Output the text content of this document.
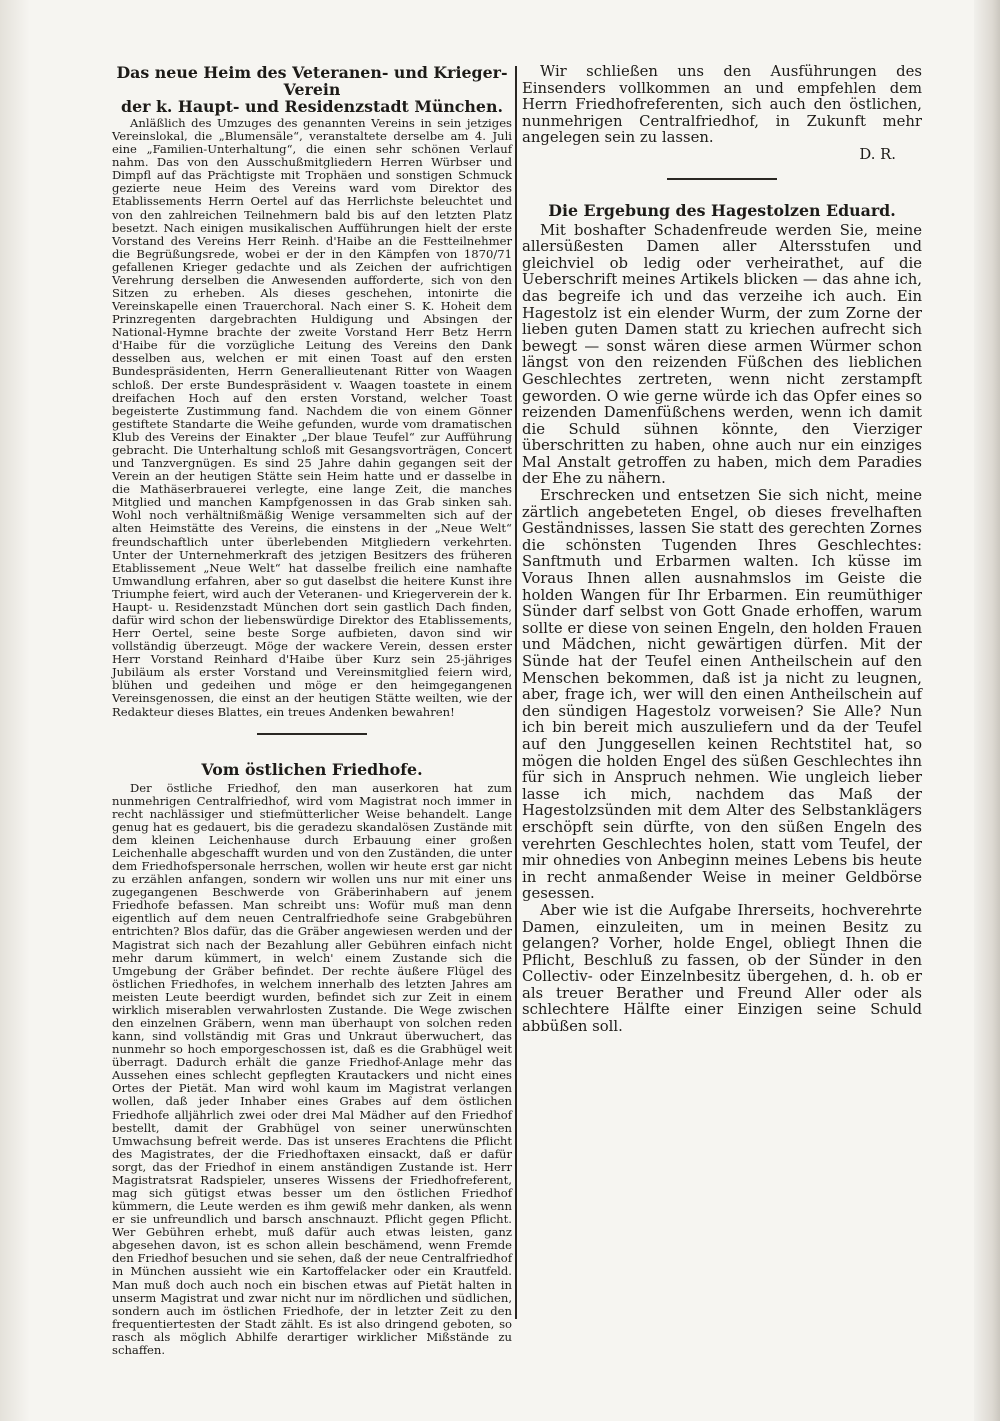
Das neue Heim des Veteranen- und Krieger-Verein
der k. Haupt- und Residenzstadt München.

Anläßlich des Umzuges des genannten Vereins in sein jetziges Vereinslokal, die „Blumensäle“, veranstaltete derselbe am 4. Juli eine „Familien-Unterhaltung“, die einen sehr schönen Verlauf nahm. Das von den Ausschußmitgliedern Herren Würbser und Dimpfl auf das Prächtigste mit Trophäen und sonstigen Schmuck gezierte neue Heim des Vereins ward vom Direktor des Etablissements Herrn Oertel auf das Herrlichste beleuchtet und von den zahlreichen Teilnehmern bald bis auf den letzten Platz besetzt. Nach einigen musikalischen Aufführungen hielt der erste Vorstand des Vereins Herr Reinh. d'Haibe an die Festteilnehmer die Begrüßungsrede, wobei er der in den Kämpfen von 1870/71 gefallenen Krieger gedachte und als Zeichen der aufrichtigen Verehrung derselben die Anwesenden aufforderte, sich von den Sitzen zu erheben. Als dieses geschehen, intonirte die Vereinskapelle einen Trauerchoral. Nach einer S. K. Hoheit dem Prinzregenten dargebrachten Huldigung und Absingen der National-Hymne brachte der zweite Vorstand Herr Betz Herrn d'Haibe für die vorzügliche Leitung des Vereins den Dank desselben aus, welchen er mit einen Toast auf den ersten Bundespräsidenten, Herrn Generallieutenant Ritter von Waagen schloß. Der erste Bundespräsident v. Waagen toastete in einem dreifachen Hoch auf den ersten Vorstand, welcher Toast begeisterte Zustimmung fand. Nachdem die von einem Gönner gestiftete Standarte die Weihe gefunden, wurde vom dramatischen Klub des Vereins der Einakter „Der blaue Teufel“ zur Aufführung gebracht. Die Unterhaltung schloß mit Gesangsvorträgen, Concert und Tanzvergnügen. Es sind 25 Jahre dahin gegangen seit der Verein an der heutigen Stätte sein Heim hatte und er dasselbe in die Mathäserbrauerei verlegte, eine lange Zeit, die manches Mitglied und manchen Kampfgenossen in das Grab sinken sah. Wohl noch verhältnißmäßig Wenige versammelten sich auf der alten Heimstätte des Vereins, die einstens in der „Neue Welt“ freundschaftlich unter überlebenden Mitgliedern verkehrten. Unter der Unternehmerkraft des jetzigen Besitzers des früheren Etablissement „Neue Welt“ hat dasselbe freilich eine namhafte Umwandlung erfahren, aber so gut daselbst die heitere Kunst ihre Triumphe feiert, wird auch der Veteranen- und Kriegerverein der k. Haupt- u. Residenzstadt München dort sein gastlich Dach finden, dafür wird schon der liebenswürdige Direktor des Etablissements, Herr Oertel, seine beste Sorge aufbieten, davon sind wir vollständig überzeugt. Möge der wackere Verein, dessen erster Herr Vorstand Reinhard d'Haibe über Kurz sein 25-jähriges Jubiläum als erster Vorstand und Vereinsmitglied feiern wird, blühen und gedeihen und möge er den heimgegangenen Vereinsgenossen, die einst an der heutigen Stätte weilten, wie der Redakteur dieses Blattes, ein treues Andenken bewahren!

Vom östlichen Friedhofe.

Der östliche Friedhof, den man auserkoren hat zum nunmehrigen Centralfriedhof, wird vom Magistrat noch immer in recht nachlässiger und stiefmütterlicher Weise behandelt. Lange genug hat es gedauert, bis die geradezu skandalösen Zustände mit dem kleinen Leichenhause durch Erbauung einer großen Leichenhalle abgeschafft wurden und von den Zuständen, die unter dem Friedhofspersonale herrschen, wollen wir heute erst gar nicht zu erzählen anfangen, sondern wir wollen uns nur mit einer uns zugegangenen Beschwerde von Gräberinhabern auf jenem Friedhofe befassen. Man schreibt uns: Wofür muß man denn eigentlich auf dem neuen Centralfriedhofe seine Grabgebühren entrichten? Blos dafür, das die Gräber angewiesen werden und der Magistrat sich nach der Bezahlung aller Gebühren einfach nicht mehr darum kümmert, in welch' einem Zustande sich die Umgebung der Gräber befindet. Der rechte äußere Flügel des östlichen Friedhofes, in welchem innerhalb des letzten Jahres am meisten Leute beerdigt wurden, befindet sich zur Zeit in einem wirklich miserablen verwahrlosten Zustande. Die Wege zwischen den einzelnen Gräbern, wenn man überhaupt von solchen reden kann, sind vollständig mit Gras und Unkraut überwuchert, das nunmehr so hoch emporgeschossen ist, daß es die Grabhügel weit überragt. Dadurch erhält die ganze Friedhof-Anlage mehr das Aussehen eines schlecht gepflegten Krautackers und nicht eines Ortes der Pietät. Man wird wohl kaum im Magistrat verlangen wollen, daß jeder Inhaber eines Grabes auf dem östlichen Friedhofe alljährlich zwei oder drei Mal Mädher auf den Friedhof bestellt, damit der Grabhügel von seiner unerwünschten Umwachsung befreit werde. Das ist unseres Erachtens die Pflicht des Magistrates, der die Friedhoftaxen einsackt, daß er dafür sorgt, das der Friedhof in einem anständigen Zustande ist. Herr Magistratsrat Radspieler, unseres Wissens der Friedhofreferent, mag sich gütigst etwas besser um den östlichen Friedhof kümmern, die Leute werden es ihm gewiß mehr danken, als wenn er sie unfreundlich und barsch anschnauzt. Pflicht gegen Pflicht. Wer Gebühren erhebt, muß dafür auch etwas leisten, ganz abgesehen davon, ist es schon allein beschämend, wenn Fremde den Friedhof besuchen und sie sehen, daß der neue Centralfriedhof in München aussieht wie ein Kartoffelacker oder ein Krautfeld. Man muß doch auch noch ein bischen etwas auf Pietät halten in unserm Magistrat und zwar nicht nur im nördlichen und südlichen, sondern auch im östlichen Friedhofe, der in letzter Zeit zu den frequentiertesten der Stadt zählt. Es ist also dringend geboten, so rasch als möglich Abhilfe derartiger wirklicher Mißstände zu schaffen.

Wir schließen uns den Ausführungen des Einsenders vollkommen an und empfehlen dem Herrn Friedhofreferenten, sich auch den östlichen, nunmehrigen Centralfriedhof, in Zukunft mehr angelegen sein zu lassen.

D. R.
Die Ergebung des Hagestolzen Eduard.

Mit boshafter Schadenfreude werden Sie, meine allersüßesten Damen aller Altersstufen und gleichviel ob ledig oder verheirathet, auf die Ueberschrift meines Artikels blicken — das ahne ich, das begreife ich und das verzeihe ich auch. Ein Hagestolz ist ein elender Wurm, der zum Zorne der lieben guten Damen statt zu kriechen aufrecht sich bewegt — sonst wären diese armen Würmer schon längst von den reizenden Füßchen des lieblichen Geschlechtes zertreten, wenn nicht zerstampft geworden. O wie gerne würde ich das Opfer eines so reizenden Damenfüßchens werden, wenn ich damit die Schuld sühnen könnte, den Vierziger überschritten zu haben, ohne auch nur ein einziges Mal Anstalt getroffen zu haben, mich dem Paradies der Ehe zu nähern.

Erschrecken und entsetzen Sie sich nicht, meine zärtlich angebeteten Engel, ob dieses frevelhaften Geständnisses, lassen Sie statt des gerechten Zornes die schönsten Tugenden Ihres Geschlechtes: Sanftmuth und Erbarmen walten. Ich küsse im Voraus Ihnen allen ausnahmslos im Geiste die holden Wangen für Ihr Erbarmen. Ein reumüthiger Sünder darf selbst von Gott Gnade erhoffen, warum sollte er diese von seinen Engeln, den holden Frauen und Mädchen, nicht gewärtigen dürfen. Mit der Sünde hat der Teufel einen Antheilschein auf den Menschen bekommen, daß ist ja nicht zu leugnen, aber, frage ich, wer will den einen Antheilschein auf den sündigen Hagestolz vorweisen? Sie Alle? Nun ich bin bereit mich auszuliefern und da der Teufel auf den Junggesellen keinen Rechtstitel hat, so mögen die holden Engel des süßen Geschlechtes ihn für sich in Anspruch nehmen. Wie ungleich lieber lasse ich mich, nachdem das Maß der Hagestolzsünden mit dem Alter des Selbstanklägers erschöpft sein dürfte, von den süßen Engeln des verehrten Geschlechtes holen, statt vom Teufel, der mir ohnedies von Anbeginn meines Lebens bis heute in recht anmaßender Weise in meiner Geldbörse gesessen.

Aber wie ist die Aufgabe Ihrerseits, hochverehrte Damen, einzuleiten, um in meinen Besitz zu gelangen? Vorher, holde Engel, obliegt Ihnen die Pflicht, Beschluß zu fassen, ob der Sünder in den Collectiv- oder Einzelnbesitz übergehen, d. h. ob er als treuer Berather und Freund Aller oder als schlechtere Hälfte einer Einzigen seine Schuld abbüßen soll.
